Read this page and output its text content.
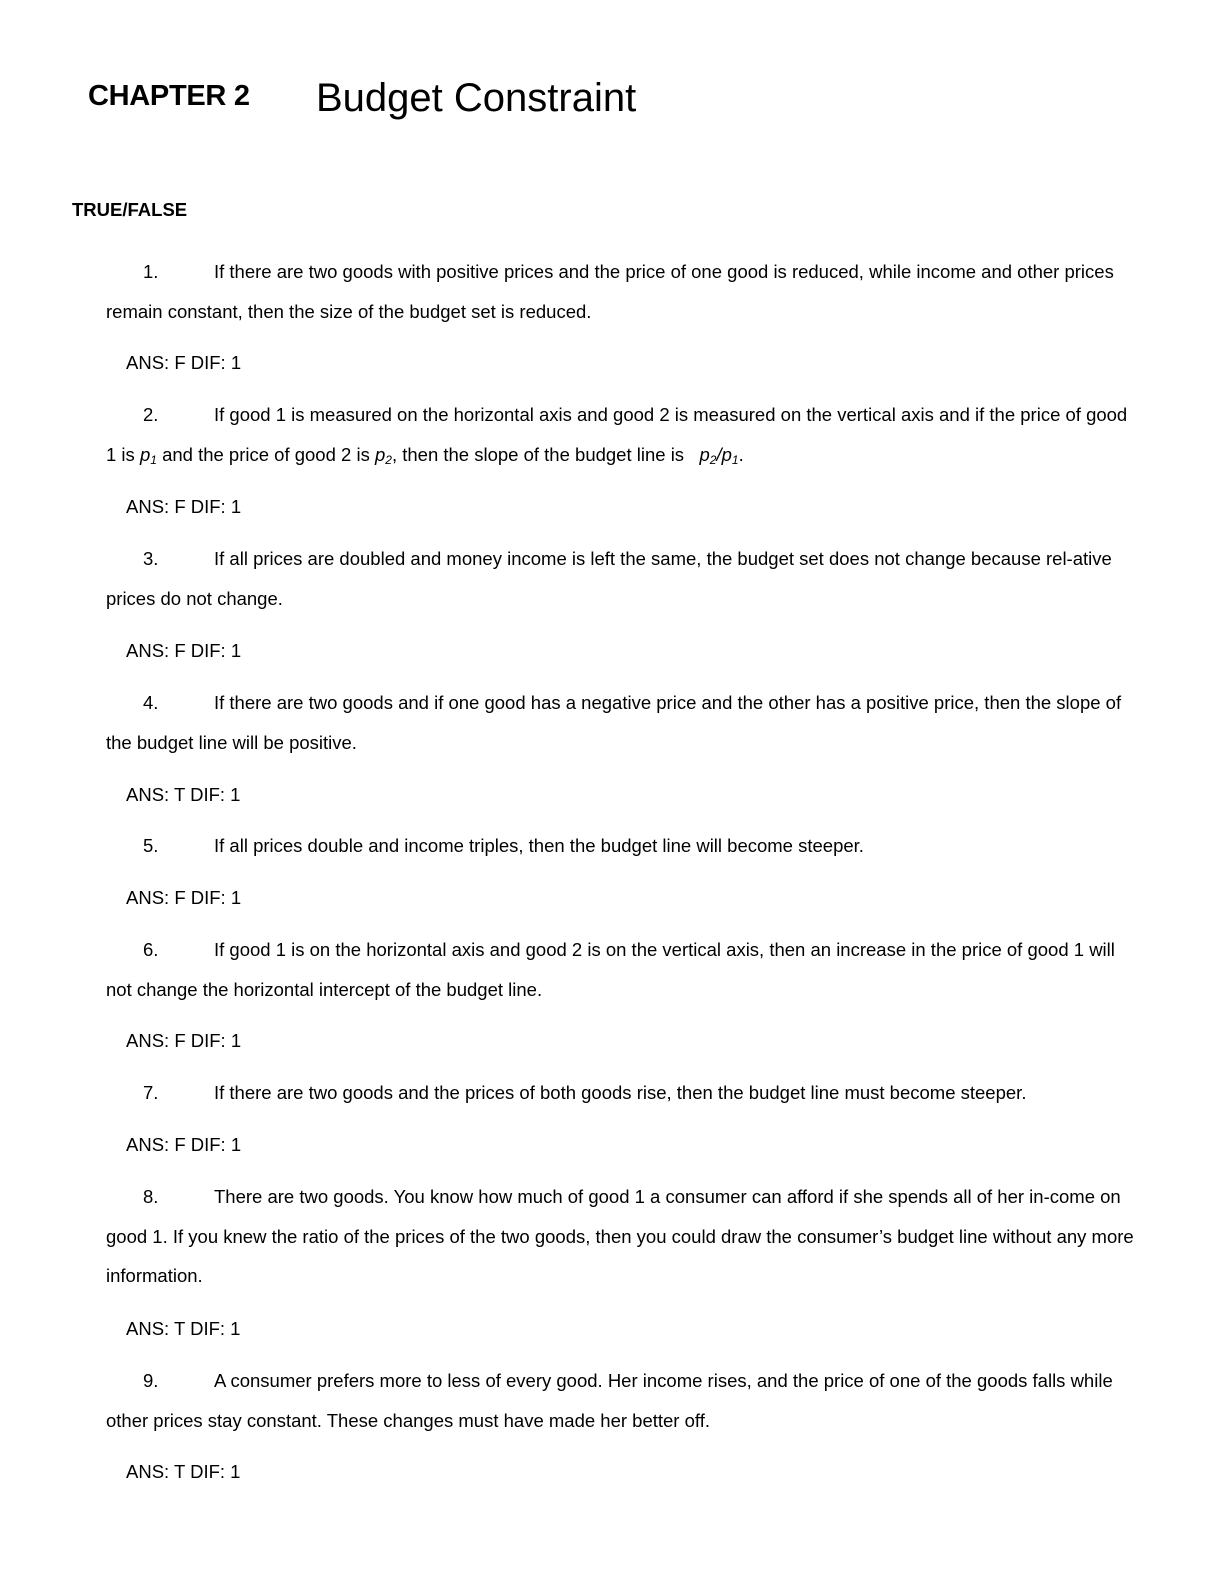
CHAPTER 2 Budget Constraint
TRUE/FALSE
1.	If there are two goods with positive prices and the price of one good is reduced, while income and other prices remain constant, then the size of the budget set is reduced.
ANS: F DIF: 1
2.	If good 1 is measured on the horizontal axis and good 2 is measured on the vertical axis and if the price of good 1 is $p_1$ and the price of good 2 is $p_2$, then the slope of the budget line is $p_2/p_1$.
ANS: F DIF: 1
3.	If all prices are doubled and money income is left the same, the budget set does not change because rel-ative prices do not change.
ANS: F DIF: 1
4.	If there are two goods and if one good has a negative price and the other has a positive price, then the slope of the budget line will be positive.
ANS: T DIF: 1
5.	If all prices double and income triples, then the budget line will become steeper.
ANS: F DIF: 1
6.	If good 1 is on the horizontal axis and good 2 is on the vertical axis, then an increase in the price of good 1 will not change the horizontal intercept of the budget line.
ANS: F DIF: 1
7.	If there are two goods and the prices of both goods rise, then the budget line must become steeper.
ANS: F DIF: 1
8.	There are two goods. You know how much of good 1 a consumer can afford if she spends all of her in-come on good 1. If you knew the ratio of the prices of the two goods, then you could draw the consumer’s budget line without any more information.
ANS: T DIF: 1
9.	A consumer prefers more to less of every good. Her income rises, and the price of one of the goods falls while other prices stay constant. These changes must have made her better off.
ANS: T DIF: 1
